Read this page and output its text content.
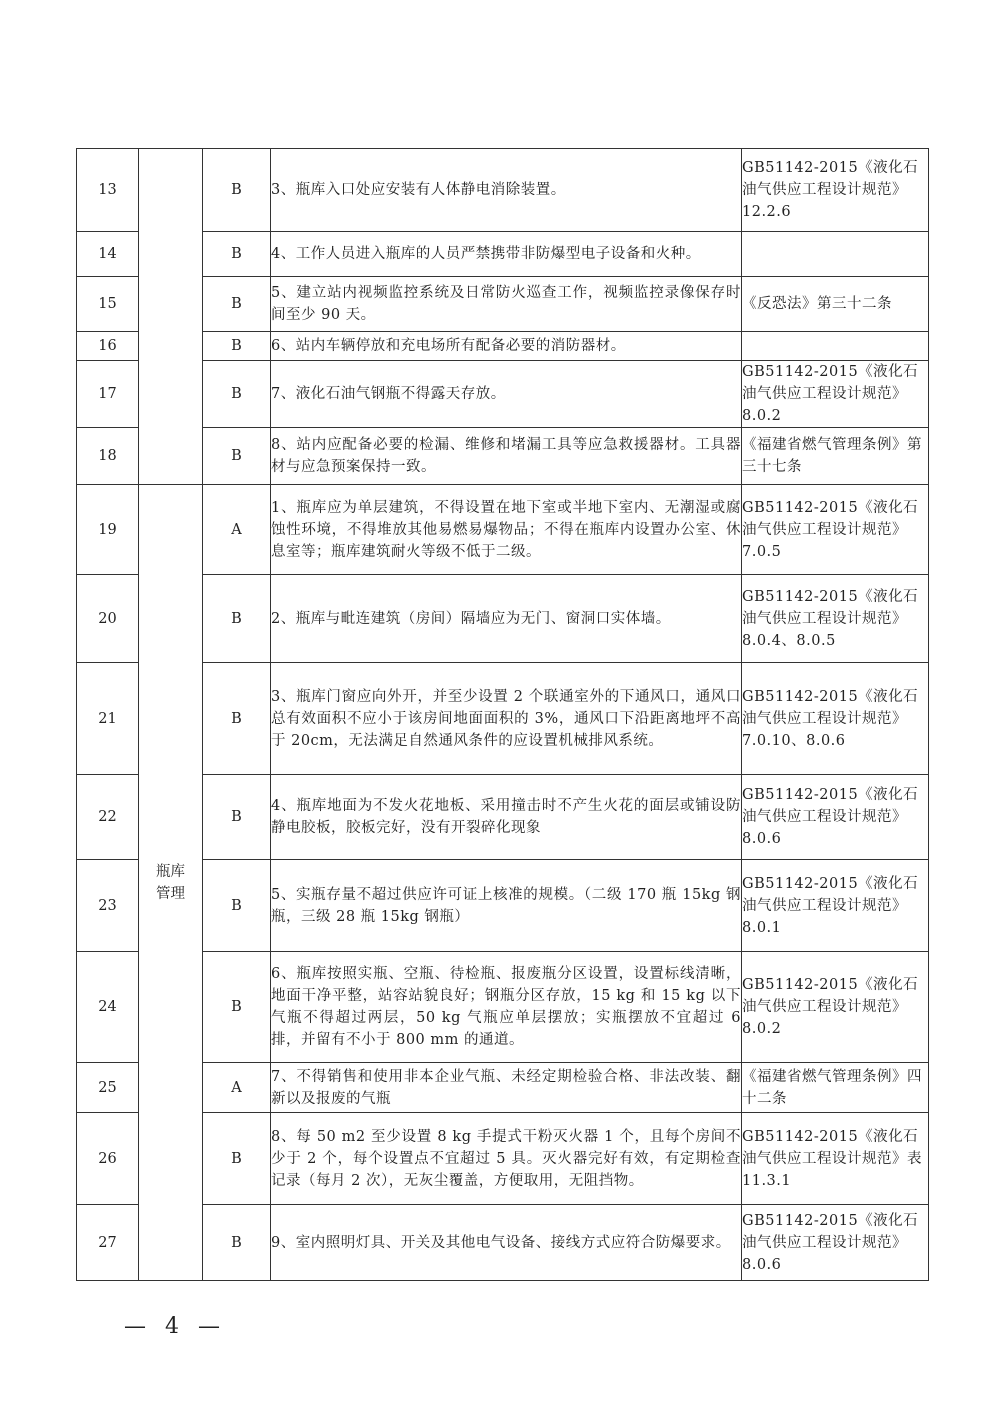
13		B	3、瓶库入口处应安装有人体静电消除装置。	GB51142-2015《液化石油气供应工程设计规范》12.2.6
14		B	4、工作人员进入瓶库的人员严禁携带非防爆型电子设备和火种。	
15		B	5、建立站内视频监控系统及日常防火巡查工作，视频监控录像保存时间至少 90 天。	《反恐法》第三十二条
16		B	6、站内车辆停放和充电场所有配备必要的消防器材。	
17		B	7、液化石油气钢瓶不得露天存放。	GB51142-2015《液化石油气供应工程设计规范》8.0.2
18		B	8、站内应配备必要的检漏、维修和堵漏工具等应急救援器材。工具器材与应急预案保持一致。	《福建省燃气管理条例》第三十七条
19	瓶库管理	A	1、瓶库应为单层建筑，不得设置在地下室或半地下室内、无潮湿或腐蚀性环境，不得堆放其他易燃易爆物品；不得在瓶库内设置办公室、休息室等；瓶库建筑耐火等级不低于二级。	GB51142-2015《液化石油气供应工程设计规范》7.0.5
20		B	2、瓶库与毗连建筑（房间）隔墙应为无门、窗洞口实体墙。	GB51142-2015《液化石油气供应工程设计规范》8.0.4、8.0.5
21		B	3、瓶库门窗应向外开，并至少设置 2 个联通室外的下通风口，通风口总有效面积不应小于该房间地面面积的 3%，通风口下沿距离地坪不高于 20cm，无法满足自然通风条件的应设置机械排风系统。	GB51142-2015《液化石油气供应工程设计规范》7.0.10、8.0.6
22		B	4、瓶库地面为不发火花地板、采用撞击时不产生火花的面层或铺设防静电胶板，胶板完好，没有开裂碎化现象	GB51142-2015《液化石油气供应工程设计规范》8.0.6
23		B	5、实瓶存量不超过供应许可证上核准的规模。（二级 170 瓶 15kg 钢瓶，三级 28 瓶 15kg 钢瓶）	GB51142-2015《液化石油气供应工程设计规范》8.0.1
24		B	6、瓶库按照实瓶、空瓶、待检瓶、报废瓶分区设置，设置标线清晰，地面干净平整，站容站貌良好；钢瓶分区存放，15 kg 和 15 kg 以下气瓶不得超过两层，50 kg 气瓶应单层摆放；实瓶摆放不宜超过 6 排，并留有不小于 800 mm 的通道。	GB51142-2015《液化石油气供应工程设计规范》8.0.2
25		A	7、不得销售和使用非本企业气瓶、未经定期检验合格、非法改装、翻新以及报废的气瓶	《福建省燃气管理条例》四十二条
26		B	8、每 50 m2 至少设置 8 kg 手提式干粉灭火器 1 个，且每个房间不少于 2 个，每个设置点不宜超过 5 具。灭火器完好有效，有定期检查记录（每月 2 次），无灰尘覆盖，方便取用，无阻挡物。	GB51142-2015《液化石油气供应工程设计规范》表 11.3.1
27		B	9、室内照明灯具、开关及其他电气设备、接线方式应符合防爆要求。	GB51142-2015《液化石油气供应工程设计规范》8.0.6
— 4 —
